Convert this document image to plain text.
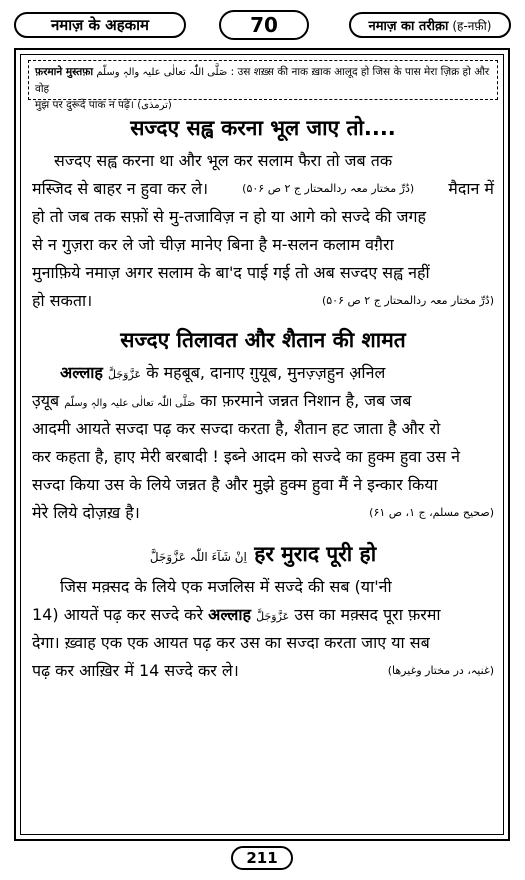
नमाज़ के अहकाम	70	नमाज़ का तरीक़ा (ह-नफ़ी)
फ़रमाने मुस्तफ़ा صَلَّی اللّٰہ تعالٰی علیہ والہٖ وسلّم : उस शख़्स की नाक ख़ाक आलूद हो जिस के पास मेरा ज़िक्र हो और वोह
मुझ पर दुरूदे पाक न पढ़े। (ترمذی)
सज्दए सह्व करना भूल जाए तो....
सज्दए सह्व करना था और भूल कर सलाम फैरा तो जब तक
मस्जिद से बाहर न हुवा कर ले।	(دُرِّ مختار معہ ردالمحتار ج ۲ ص ۵۰۶) मैदान में
हो तो जब तक सफ़ों से मु-तजाविज़ न हो या आगे को सज्दे की जगह
से न गुज़रा कर ले जो चीज़ मानेए बिना है म-सलन कलाम वग़ैरा
मुनाफ़िये नमाज़ अगर सलाम के बा'द पाई गई तो अब सज्दए सह्व नहीं
हो सकता।	(دُرِّ مختار معہ ردالمحتار ج ۲ ص ۵۰۶)
सज्दए तिलावत और शैतान की शामत
अल्लाह عَزَّوَجَلَّ के महबूब, दानाए ग़ुयूब, मुनज़्ज़हुन अ़निल
उ़यूब صَلَّی اللّٰہ تعالٰی علیہ والہٖ وسلّم का फ़रमाने जन्नत निशान है, जब जब
आदमी आयते सज्दा पढ़ कर सज्दा करता है, शैतान हट जाता है और रो
कर कहता है, हाए मेरी बरबादी ! इब्ने आदम को सज्दे का हुक्म हुवा उस ने
सज्दा किया उस के लिये जन्नत है और मुझे हुक्म हुवा मैं ने इन्कार किया
मेरे लिये दोज़ख़ है।	(صحیح مسلم، ج ۱، ص ۶۱)
اِنْ شَآءَ اللّٰہ عَزَّوَجَلَّ हर मुराद पूरी हो
जिस मक़्सद के लिये एक मजलिस में सज्दे की सब (या'नी
14) आयतें पढ़ कर सज्दे करे अल्लाह عَزَّوَجَلَّ उस का मक़्सद पूरा फ़रमा
देगा। ख़्वाह एक एक आयत पढ़ कर उस का सज्दा करता जाए या सब
पढ़ कर आख़िर में 14 सज्दे कर ले।	(غنیہ، در مختار وغیرھا)
211
